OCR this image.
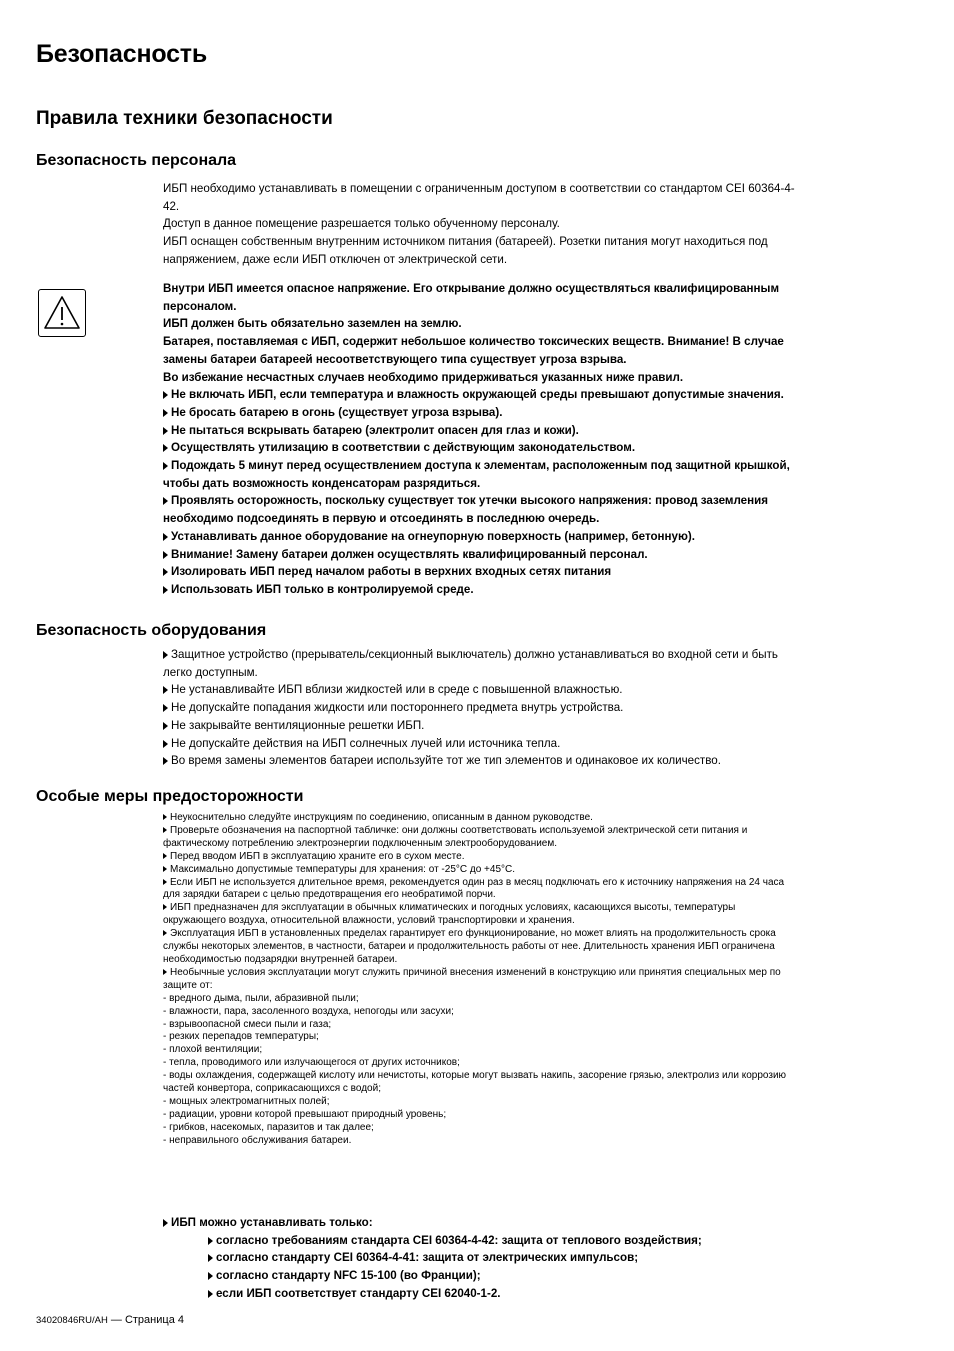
Безопасность
Правила техники безопасности
Безопасность персонала
ИБП необходимо устанавливать в помещении с ограниченным доступом в соответствии со стандартом CEI 60364-4-
42.
Доступ в данное помещение разрешается только обученному персоналу.
ИБП оснащен собственным внутренним источником питания (батареей). Розетки питания могут находиться под
напряжением, даже если ИБП отключен от электрической сети.
Внутри ИБП имеется опасное напряжение. Его открывание должно осуществляться квалифицированным
персоналом.
ИБП должен быть обязательно заземлен на землю.
Батарея, поставляемая с ИБП, содержит небольшое количество токсических веществ. Внимание! В случае
замены батареи батареей несоответствующего типа существует угроза взрыва.
Во избежание несчастных случаев необходимо придерживаться указанных ниже правил.
Не включать ИБП, если температура и влажность окружающей среды превышают допустимые значения.
Не бросать батарею в огонь (существует угроза взрыва).
Не пытаться вскрывать батарею (электролит опасен для глаз и кожи).
Осуществлять утилизацию в соответствии с действующим законодательством.
Подождать 5 минут перед осуществлением доступа к элементам, расположенным под защитной крышкой,
чтобы дать возможность конденсаторам разрядиться.
Проявлять осторожность, поскольку существует ток утечки высокого напряжения: провод заземления
необходимо подсоединять в первую и отсоединять в последнюю очередь.
Устанавливать данное оборудование на огнеупорную поверхность (например, бетонную).
Внимание! Замену батареи должен осуществлять квалифицированный персонал.
Изолировать ИБП перед началом работы в верхних входных сетях питания
Использовать ИБП только в контролируемой среде.
Безопасность оборудования
Защитное устройство (прерыватель/секционный выключатель) должно устанавливаться во входной сети и быть
легко доступным.
Не устанавливайте ИБП вблизи жидкостей или в среде с повышенной влажностью.
Не допускайте попадания жидкости или постороннего предмета внутрь устройства.
Не закрывайте вентиляционные решетки ИБП.
Не допускайте действия на ИБП солнечных лучей или источника тепла.
Во время замены элементов батареи используйте тот же тип элементов и одинаковое их количество.
Особые меры предосторожности
Неукоснительно следуйте инструкциям по соединению, описанным в данном руководстве.
Проверьте обозначения на паспортной табличке: они должны соответствовать используемой электрической сети питания и
фактическому потреблению электроэнергии подключенным электрооборудованием.
Перед вводом ИБП в эксплуатацию храните его в сухом месте.
Максимально допустимые температуры для хранения: от -25°C до +45°C.
Если ИБП не используется длительное время, рекомендуется один раз в месяц подключать его к источнику напряжения на 24 часа
для зарядки батареи с целью предотвращения его необратимой порчи.
ИБП предназначен для эксплуатации в обычных климатических и погодных условиях, касающихся высоты, температуры
окружающего воздуха, относительной влажности, условий транспортировки и хранения.
Эксплуатация ИБП в установленных пределах гарантирует его функционирование, но может влиять на продолжительность срока
службы некоторых элементов, в частности, батареи и продолжительность работы от нее. Длительность хранения ИБП ограничена
необходимостью подзарядки внутренней батареи.
Необычные условия эксплуатации могут служить причиной внесения изменений в конструкцию или принятия специальных мер по
защите от:
- вредного дыма, пыли, абразивной пыли;
- влажности, пара, засоленного воздуха, непогоды или засухи;
- взрывоопасной смеси пыли и газа;
- резких перепадов температуры;
- плохой вентиляции;
- тепла, проводимого или излучающегося от других источников;
- воды охлаждения, содержащей кислоту или нечистоты, которые могут вызвать накипь, засорение грязью, электролиз или коррозию
частей конвертора, соприкасающихся с водой;
- мощных электромагнитных полей;
- радиации, уровни которой превышают природный уровень;
- грибков, насекомых, паразитов и так далее;
- неправильного обслуживания батареи.
ИБП можно устанавливать только:
согласно требованиям стандарта CEI 60364-4-42: защита от теплового воздействия;
согласно стандарту CEI 60364-4-41: защита от электрических импульсов;
согласно стандарту NFC 15-100 (во Франции);
если ИБП соответствует стандарту CEI 62040-1-2.
34020846RU/AH — Страница 4
